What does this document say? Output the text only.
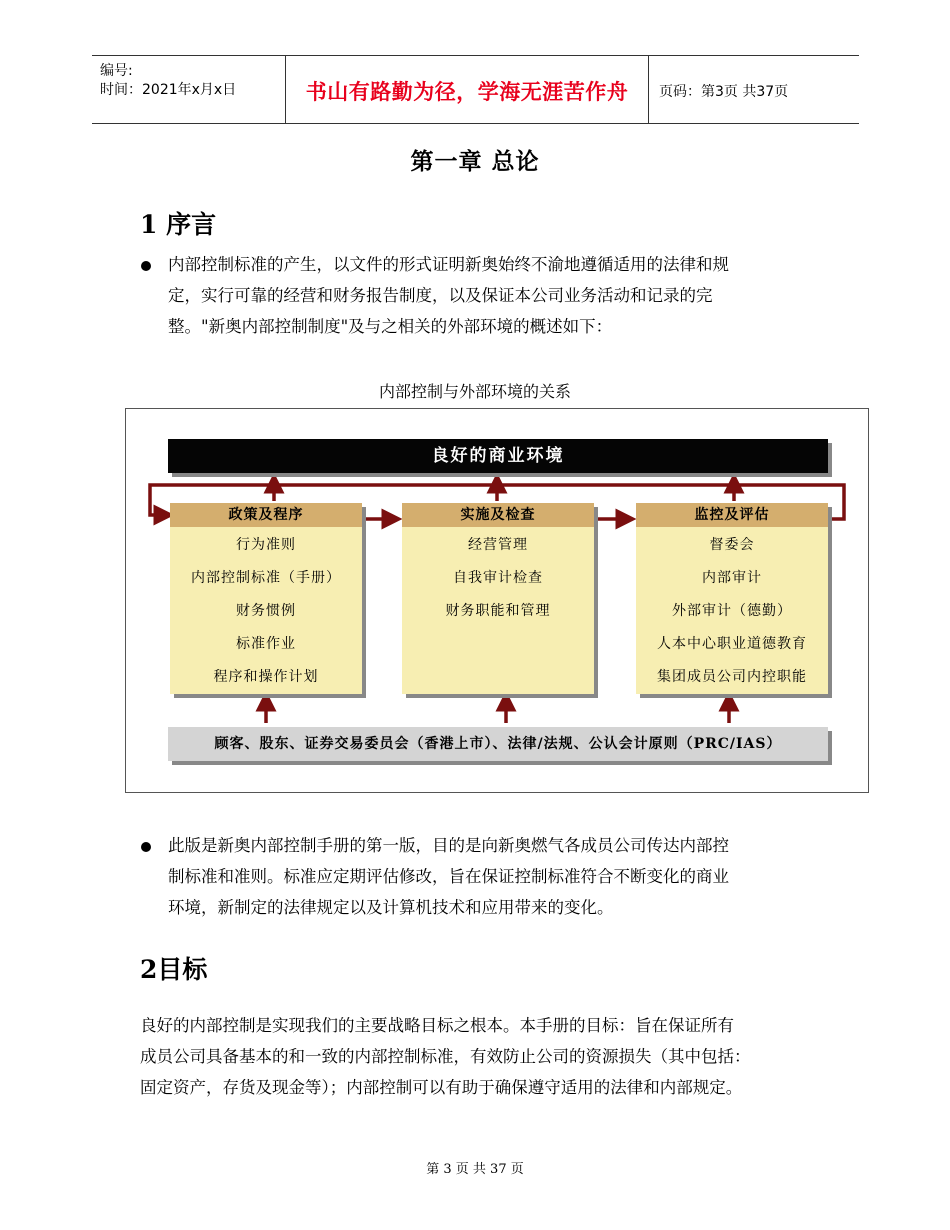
编号:
时间：2021年x月x日	书山有路勤为径，学海无涯苦作舟	页码：第3页 共37页
第一章 总论
1 序言
内部控制标准的产生，以文件的形式证明新奥始终不渝地遵循适用的法律和规
定，实行可靠的经营和财务报告制度，以及保证本公司业务活动和记录的完
整。"新奥内部控制制度"及与之相关的外部环境的概述如下：
内部控制与外部环境的关系
良好的商业环境
政策及程序
行为准则
内部控制标准（手册）
财务惯例
标准作业
程序和操作计划
实施及检查
经营管理
自我审计检查
财务职能和管理
监控及评估
督委会
内部审计
外部审计（德勤）
人本中心职业道德教育
集团成员公司内控职能
顾客、股东、证券交易委员会（香港上市）、法律/法规、公认会计原则（PRC/IAS）
此版是新奥内部控制手册的第一版，目的是向新奥燃气各成员公司传达内部控
制标准和准则。标准应定期评估修改，旨在保证控制标准符合不断变化的商业
环境，新制定的法律规定以及计算机技术和应用带来的变化。
2目标
良好的内部控制是实现我们的主要战略目标之根本。本手册的目标：旨在保证所有
成员公司具备基本的和一致的内部控制标准，有效防止公司的资源损失（其中包括：
固定资产，存货及现金等）；内部控制可以有助于确保遵守适用的法律和内部规定。
第 3 页 共 37 页
